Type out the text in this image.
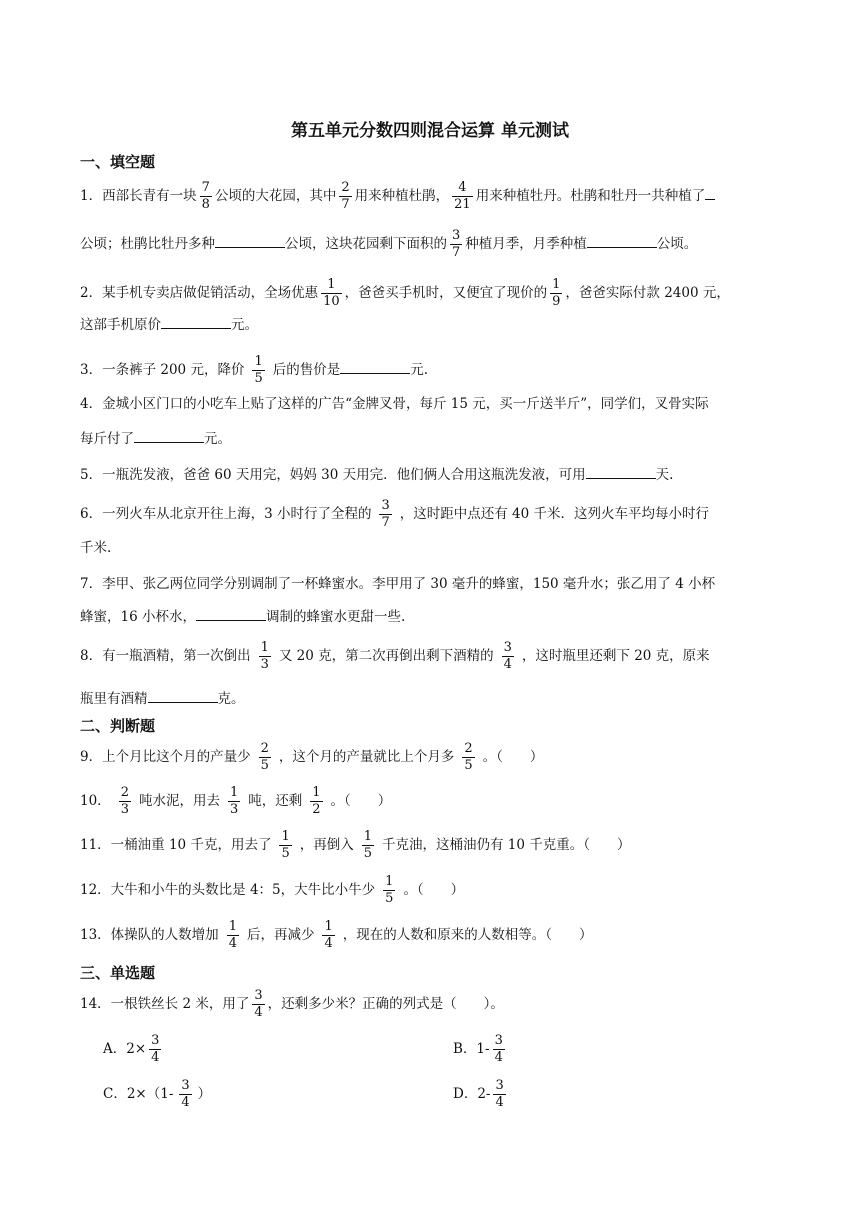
第五单元分数四则混合运算 单元测试
一、填空题
1．西部长青有一块 $\frac{7}{8}$ 公顷的大花园，其中 $\frac{2}{7}$ 用来种植杜鹃， $\frac{4}{21}$ 用来种植牡丹。杜鹃和牡丹一共种植了
公顷；杜鹃比牡丹多种	公顷，这块花园剩下面积的 $\frac{3}{7}$ 种植月季，月季种植	公顷。
2．某手机专卖店做促销活动，全场优惠 $\frac{1}{10}$ ，爸爸买手机时，又便宜了现价的 $\frac{1}{9}$ ，爸爸实际付款 2400 元，
这部手机原价	元。
3．一条裤子 200 元，降价 $\frac{1}{5}$ 后的售价是	元.
4．金城小区门口的小吃车上贴了这样的广告“金牌叉骨，每斤 15 元，买一斤送半斤”，同学们，叉骨实际
每斤付了	元。
5．一瓶洗发液，爸爸 60 天用完，妈妈 30 天用完．他们俩人合用这瓶洗发液，可用	天.
6．一列火车从北京开往上海，3 小时行了全程的 $\frac{3}{7}$ ，这时距中点还有 40 千米．这列火车平均每小时行
千米.
7．李甲、张乙两位同学分别调制了一杯蜂蜜水。李甲用了 30 毫升的蜂蜜，150 毫升水；张乙用了 4 小杯
蜂蜜，16 小杯水，	调制的蜂蜜水更甜一些.
8．有一瓶酒精，第一次倒出 $\frac{1}{3}$ 又 20 克，第二次再倒出剩下酒精的 $\frac{3}{4}$ ，这时瓶里还剩下 20 克，原来
瓶里有酒精	克。
二、判断题
9．上个月比这个月的产量少 $\frac{2}{5}$ ，这个月的产量就比上个月多 $\frac{2}{5}$ 。（　　）
10． $\frac{2}{3}$ 吨水泥，用去 $\frac{1}{3}$ 吨，还剩 $\frac{1}{2}$ 。（　　）
11．一桶油重 10 千克，用去了 $\frac{1}{5}$ ，再倒入 $\frac{1}{5}$ 千克油，这桶油仍有 10 千克重。（　　）
12．大牛和小牛的头数比是 4：5，大牛比小牛少 $\frac{1}{5}$ 。（　　）
13．体操队的人数增加 $\frac{1}{4}$ 后，再减少 $\frac{1}{4}$ ，现在的人数和原来的人数相等。（　　）
三、单选题
14．一根铁丝长 2 米，用了 $\frac{3}{4}$ ，还剩多少米？正确的列式是（　　）。
A．$2\times \frac{3}{4}$	B．$1- \frac{3}{4}$
C．$2\times(1- \frac{3}{4}$ ）	D．$2- \frac{3}{4}$
